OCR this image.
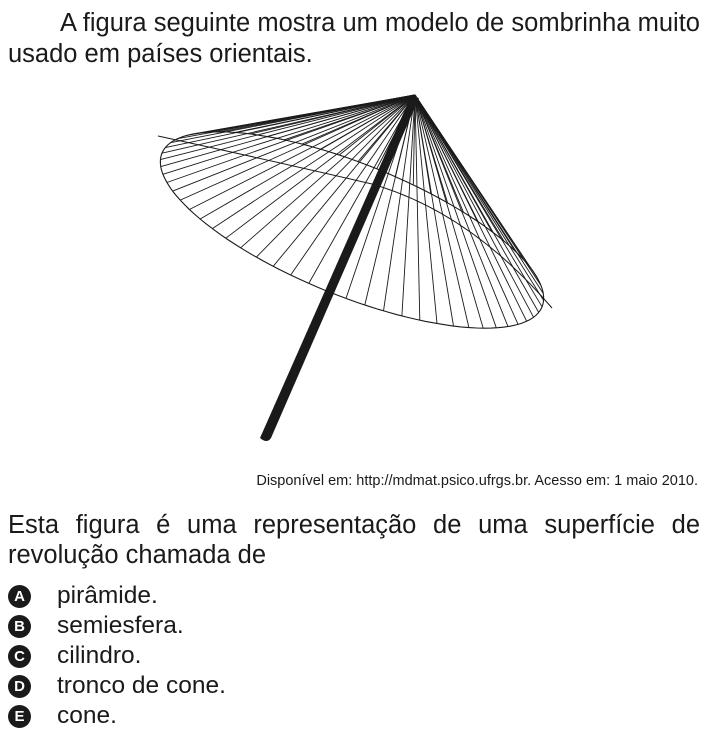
A figura seguinte mostra um modelo de sombrinha muito usado em países orientais.

Disponível em: http://mdmat.psico.ufrgs.br. Acesso em: 1 maio 2010.

Esta figura é uma representação de uma superfície de revolução chamada de

A pirâmide.
B semiesfera.
C cilindro.
D tronco de cone.
E cone.
